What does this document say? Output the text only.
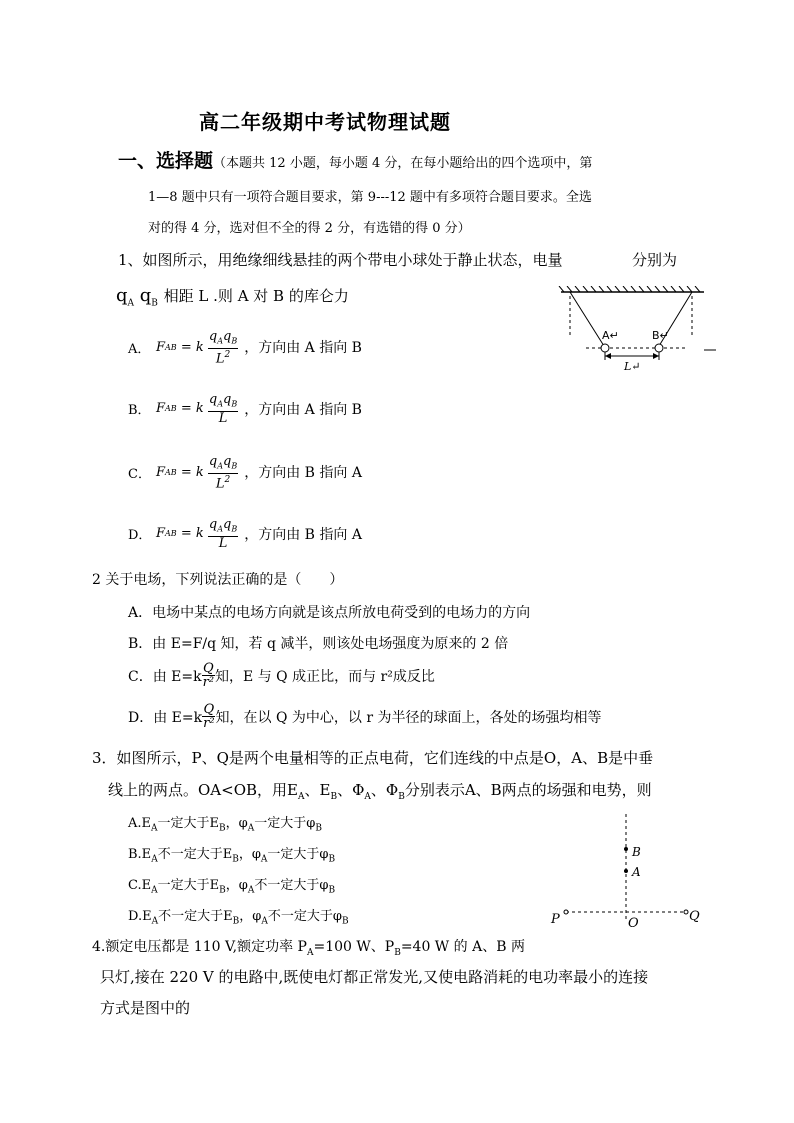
高二年级期中考试物理试题
一、选择题（本题共 12 小题，每小题 4 分，在每小题给出的四个选项中，第
1—8 题中只有一项符合题目要求，第 9---12 题中有多项符合题目要求。全选
对的得 4 分，选对但不全的得 2 分，有选错的得 0 分）
1、如图所示，用绝缘细线悬挂的两个带电小球处于静止状态，电量	分别为
$q_A$ $q_B$ 相距 L .则 A 对 B 的库仑力
A． F AB
= k
$\frac{q_Aq_B}{L^2}$ ，方向由 A 指向 B
B． F AB
= k
$\frac{q_Aq_B}{L}$ ，方向由 A 指向 B
C． F AB
= k
$\frac{q_Aq_B}{L^2}$ ，方向由 B 指向 A
D． F AB
= k
$\frac{q_Aq_B}{L}$ ，方向由 B 指向 A
A↵	B↵
L↵
2 关于电场，下列说法正确的是（　　）
A．电场中某点的电场方向就是该点所放电荷受到的电场力的方向
B．由 E=F/q 知，若 q 减半，则该处电场强度为原来的 2 倍
C．由 $E=k \frac{Q}{\text{r²}}$ 知，E 与 Q 成正比，而与 r²成反比
D．由 $E=k \frac{Q}{\text{r²}}$ 知，在以 Q 为中心，以 r 为半径的球面上，各处的场强均相等
3．如图所示，P、Q是两个电量相等的正点电荷，它们连线的中点是O，A、B是中垂
线上的两点。OA<OB，用$E_A$、$E_B$、$\Phi_A$、$\Phi_B$分别表示A、B两点的场强和电势，则
$A.E_A$一定大于$E_B$，$\varphi_A$一定大于$\varphi_B$
$B.E_A$不一定大于$E_B$，$\varphi_A$一定大于$\varphi_B$
$C.E_A$一定大于$E_B$，$\varphi_A$不一定大于$\varphi_B$
$D.E_A$不一定大于$E_B$，$\varphi_A$不一定大于$\varphi_B$
B
A
P	O	Q
4.额定电压都是 110 V,额定功率 $P_A=100$ W、$P_B=40$ W 的 A、B 两
只灯,接在 220 V 的电路中,既使电灯都正常发光,又使电路消耗的电功率最小的连接
方式是图中的
